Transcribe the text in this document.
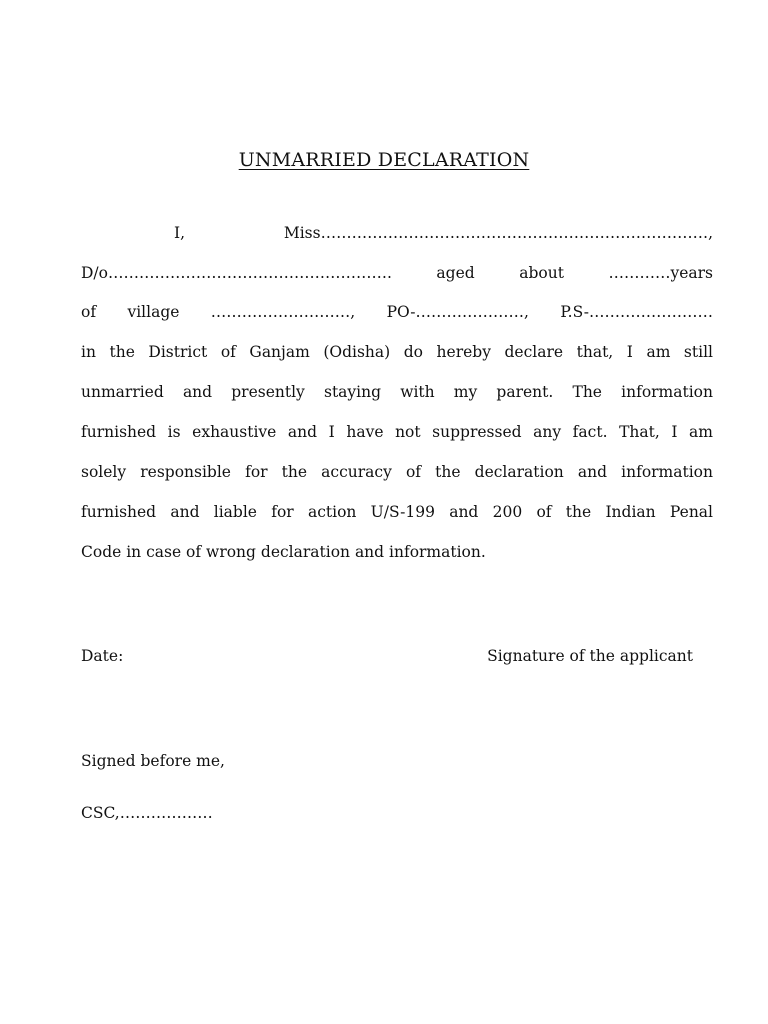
UNMARRIED DECLARATION
I, Miss…………………………………………………………………,
D/o………………………………………………. aged about …………years
of village ………………………, PO-…………………, P.S-……………………
in the District of Ganjam (Odisha) do hereby declare that, I am still
unmarried and presently staying with my parent. The information
furnished is exhaustive and I have not suppressed any fact. That, I am
solely responsible for the accuracy of the declaration and information
furnished and liable for action U/S-199 and 200 of the Indian Penal
Code in case of wrong declaration and information.
Date:	Signature of the applicant
Signed before me,
CSC,………………
